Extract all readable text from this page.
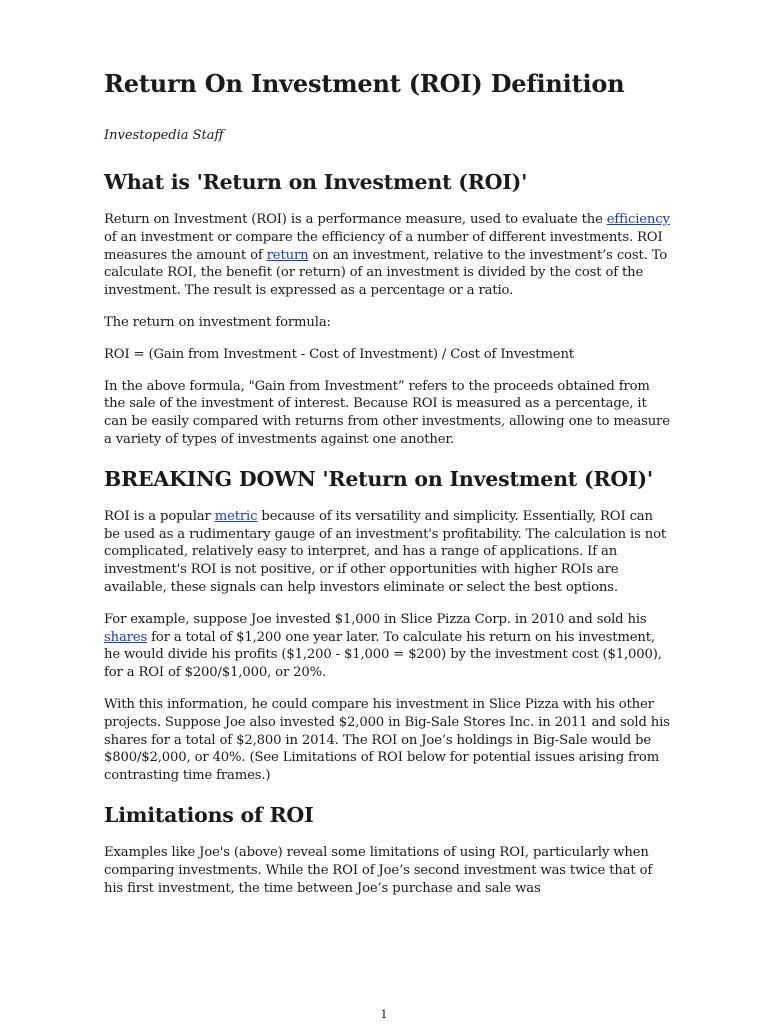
Return On Investment (ROI) Definition
Investopedia Staff
What is 'Return on Investment (ROI)'

Return on Investment (ROI) is a performance measure, used to evaluate the efficiency of an investment or compare the efficiency of a number of different investments. ROI measures the amount of return on an investment, relative to the investment’s cost. To calculate ROI, the benefit (or return) of an investment is divided by the cost of the investment. The result is expressed as a percentage or a ratio.

The return on investment formula:

ROI = (Gain from Investment - Cost of Investment) / Cost of Investment

In the above formula, "Gain from Investment” refers to the proceeds obtained from the sale of the investment of interest. Because ROI is measured as a percentage, it can be easily compared with returns from other investments, allowing one to measure a variety of types of investments against one another.

BREAKING DOWN 'Return on Investment (ROI)'

ROI is a popular metric because of its versatility and simplicity. Essentially, ROI can be used as a rudimentary gauge of an investment's profitability. The calculation is not complicated, relatively easy to interpret, and has a range of applications. If an investment's ROI is not positive, or if other opportunities with higher ROIs are available, these signals can help investors eliminate or select the best options.

For example, suppose Joe invested $1,000 in Slice Pizza Corp. in 2010 and sold his shares for a total of $1,200 one year later. To calculate his return on his investment, he would divide his profits ($1,200 - $1,000 = $200) by the investment cost ($1,000), for a ROI of $200/$1,000, or 20%.

With this information, he could compare his investment in Slice Pizza with his other projects. Suppose Joe also invested $2,000 in Big-Sale Stores Inc. in 2011 and sold his shares for a total of $2,800 in 2014. The ROI on Joe’s holdings in Big-Sale would be $800/$2,000, or 40%. (See Limitations of ROI below for potential issues arising from contrasting time frames.)

Limitations of ROI

Examples like Joe's (above) reveal some limitations of using ROI, particularly when comparing investments. While the ROI of Joe’s second investment was twice that of his first investment, the time between Joe’s purchase and sale was

1
